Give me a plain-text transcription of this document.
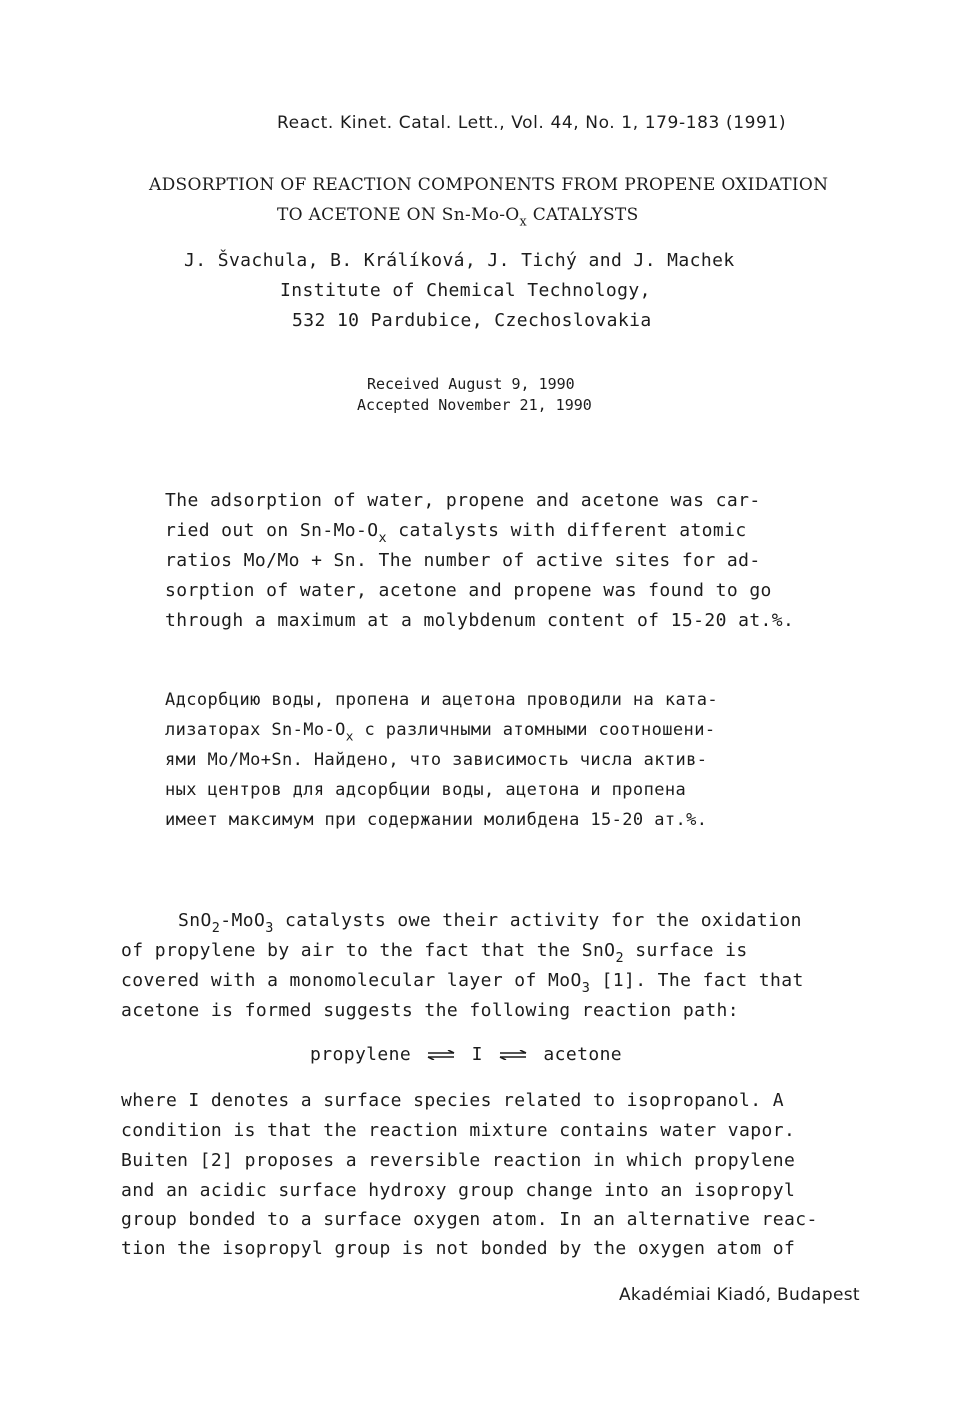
React. Kinet. Catal. Lett., Vol. 44, No. 1, 179-183 (1991)
ADSORPTION OF REACTION COMPONENTS FROM PROPENE OXIDATION
TO ACETONE ON $Sn-Mo-O_x$ CATALYSTS
J. Švachula, B. Králíková, J. Tichý and J. Machek
Institute of Chemical Technology,
532 10 Pardubice, Czechoslovakia
Received August 9, 1990
Accepted November 21, 1990
The adsorption of water, propene and acetone was car-
ried out on $Sn-Mo-O_x$ catalysts with different atomic
ratios Mo/Mo + Sn. The number of active sites for ad-
sorption of water, acetone and propene was found to go
through a maximum at a molybdenum content of 15-20 at.%.
Адсорбцию воды, пропена и ацетона проводили на ката-
лизаторах $Sn-Mo-O_x$ с различными атомными соотношени-
ями Mo/Mo+Sn. Найдено, что зависимость числа актив-
ных центров для адсорбции воды, ацетона и пропена
имеет максимум при содержании молибдена 15-20 ат.%.
SnO$_2$-MoO$_3$ catalysts owe their activity for the oxidation
of propylene by air to the fact that the SnO$_2$ surface is
covered with a monomolecular layer of MoO$_3$ [1]. The fact that
acetone is formed suggests the following reaction path:
propylene ⇌ I ⇌ acetone
where I denotes a surface species related to isopropanol. A
condition is that the reaction mixture contains water vapor.
Buiten [2] proposes a reversible reaction in which propylene
and an acidic surface hydroxy group change into an isopropyl
group bonded to a surface oxygen atom. In an alternative reac-
tion the isopropyl group is not bonded by the oxygen atom of
Akadémiai Kiadó, Budapest
